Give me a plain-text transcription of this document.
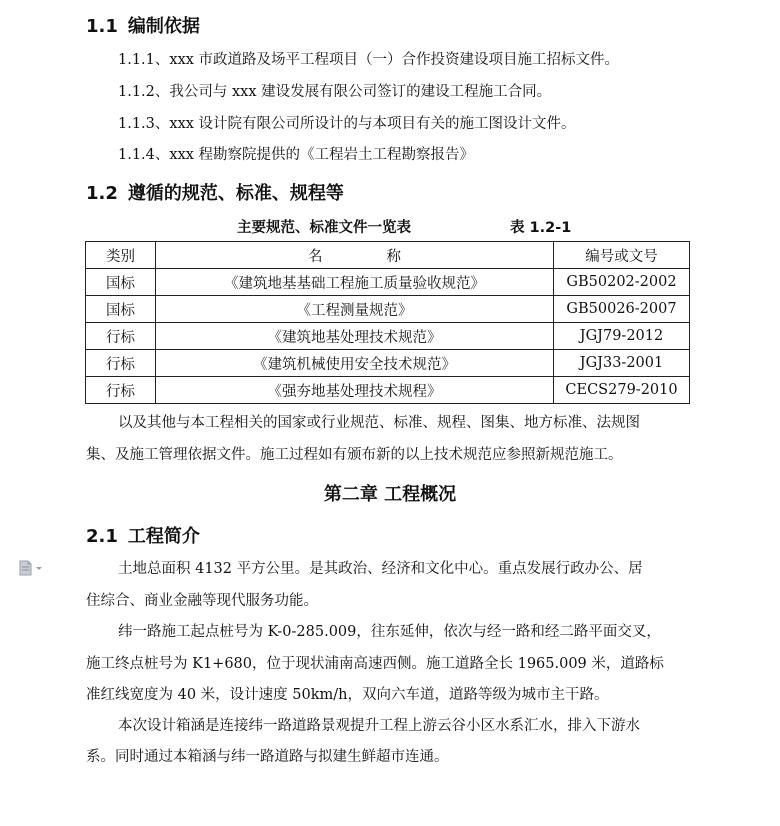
1.1 编制依据
1.1.1、xxx 市政道路及场平工程项目（一）合作投资建设项目施工招标文件。
1.1.2、我公司与 xxx 建设发展有限公司签订的建设工程施工合同。
1.1.3、xxx 设计院有限公司所设计的与本项目有关的施工图设计文件。
1.1.4、xxx 程勘察院提供的《工程岩土工程勘察报告》
1.2 遵循的规范、标准、规程等
主要规范、标准文件一览表	表 1.2-1
类别	名 称	编号或文号
国标	《建筑地基基础工程施工质量验收规范》	GB50202-2002
国标	《工程测量规范》	GB50026-2007
行标	《建筑地基处理技术规范》	JGJ79-2012
行标	《建筑机械使用安全技术规范》	JGJ33-2001
行标	《强夯地基处理技术规程》	CECS279-2010
以及其他与本工程相关的国家或行业规范、标准、规程、图集、地方标准、法规图
集、及施工管理依据文件。施工过程如有颁布新的以上技术规范应参照新规范施工。
第二章 工程概况
2.1 工程简介
土地总面积 4132 平方公里。是其政治、经济和文化中心。重点发展行政办公、居
住综合、商业金融等现代服务功能。
纬一路施工起点桩号为 K-0-285.009，往东延伸，依次与经一路和经二路平面交叉，
施工终点桩号为 K1+680，位于现状浦南高速西侧。施工道路全长 1965.009 米，道路标
准红线宽度为 40 米，设计速度 50km/h，双向六车道，道路等级为城市主干路。
本次设计箱涵是连接纬一路道路景观提升工程上游云谷小区水系汇水，排入下游水
系。同时通过本箱涵与纬一路道路与拟建生鲜超市连通。
